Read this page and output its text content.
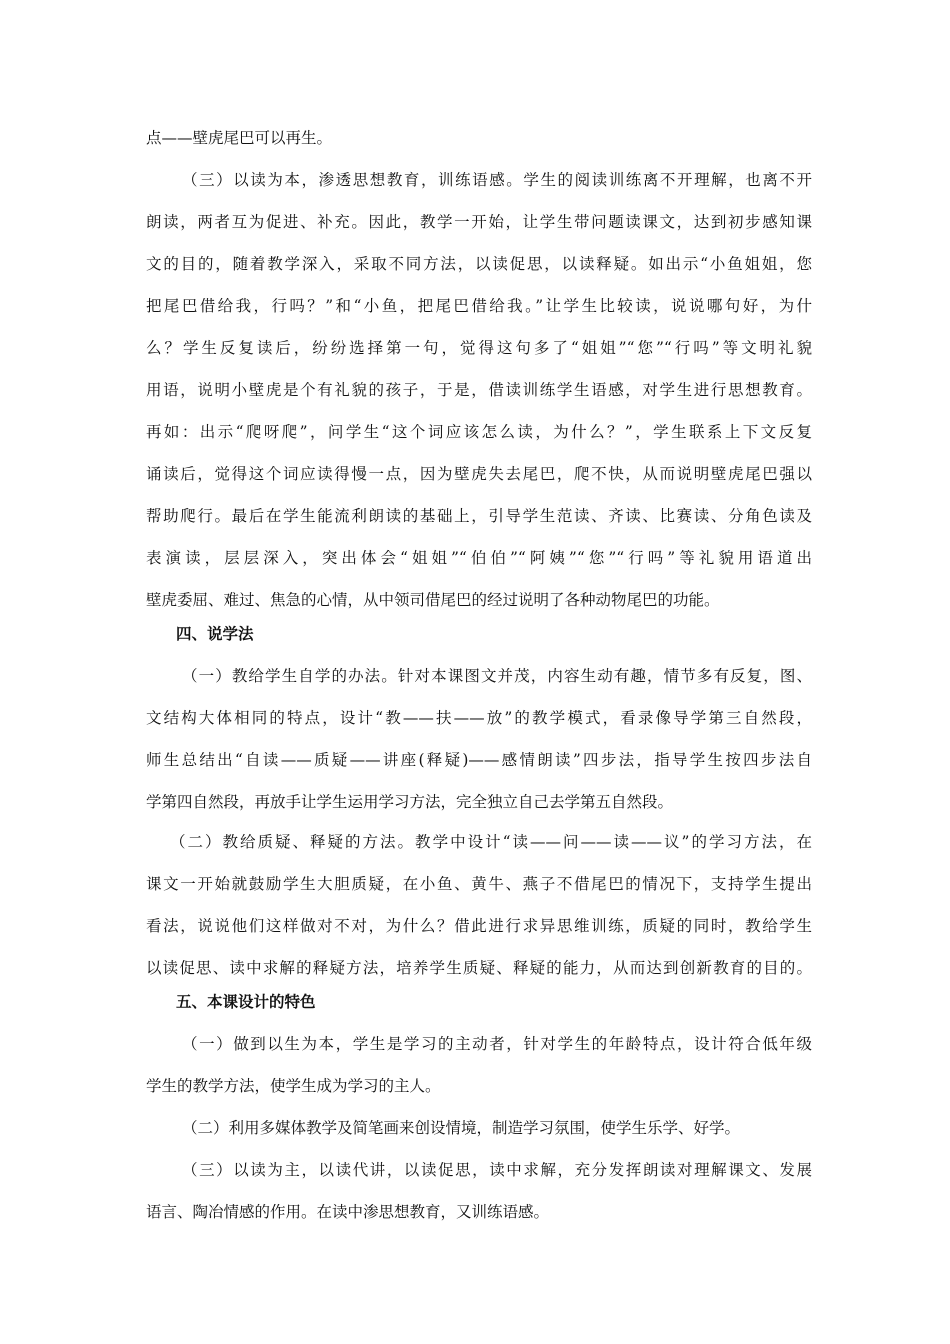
点——壁虎尾巴可以再生。
（三）以读为本，渗透思想教育，训练语感。学生的阅读训练离不开理解，也离不开
朗读，两者互为促进、补充。因此，教学一开始，让学生带问题读课文，达到初步感知课
文的目的，随着教学深入，采取不同方法，以读促思，以读释疑。如出示“小鱼姐姐，您
把尾巴借给我，行吗？”和“小鱼，把尾巴借给我。”让学生比较读，说说哪句好，为什
么？学生反复读后，纷纷选择第一句，觉得这句多了“姐姐”“您”“行吗”等文明礼貌
用语，说明小壁虎是个有礼貌的孩子，于是，借读训练学生语感，对学生进行思想教育。
再如：出示“爬呀爬”，问学生“这个词应该怎么读，为什么？”，学生联系上下文反复
诵读后，觉得这个词应读得慢一点，因为壁虎失去尾巴，爬不快，从而说明壁虎尾巴强以
帮助爬行。最后在学生能流利朗读的基础上，引导学生范读、齐读、比赛读、分角色读及
表演读，层层深入，突出体会“姐姐”“伯伯”“阿姨”“您”“行吗”等礼貌用语道出
壁虎委屈、难过、焦急的心情，从中领司借尾巴的经过说明了各种动物尾巴的功能。
四、说学法
（一）教给学生自学的办法。针对本课图文并茂，内容生动有趣，情节多有反复，图、
文结构大体相同的特点，设计“教——扶——放”的教学模式，看录像导学第三自然段，
师生总结出“自读——质疑——讲座(释疑)——感情朗读”四步法，指导学生按四步法自
学第四自然段，再放手让学生运用学习方法，完全独立自己去学第五自然段。
（二）教给质疑、释疑的方法。教学中设计“读——问——读——议”的学习方法，在
课文一开始就鼓励学生大胆质疑，在小鱼、黄牛、燕子不借尾巴的情况下，支持学生提出
看法，说说他们这样做对不对，为什么？借此进行求异思维训练，质疑的同时，教给学生
以读促思、读中求解的释疑方法，培养学生质疑、释疑的能力，从而达到创新教育的目的。
五、本课设计的特色
（一）做到以生为本，学生是学习的主动者，针对学生的年龄特点，设计符合低年级
学生的教学方法，使学生成为学习的主人。
（二）利用多媒体教学及简笔画来创设情境，制造学习氛围，使学生乐学、好学。
（三）以读为主，以读代讲，以读促思，读中求解，充分发挥朗读对理解课文、发展
语言、陶冶情感的作用。在读中渗思想教育，又训练语感。
